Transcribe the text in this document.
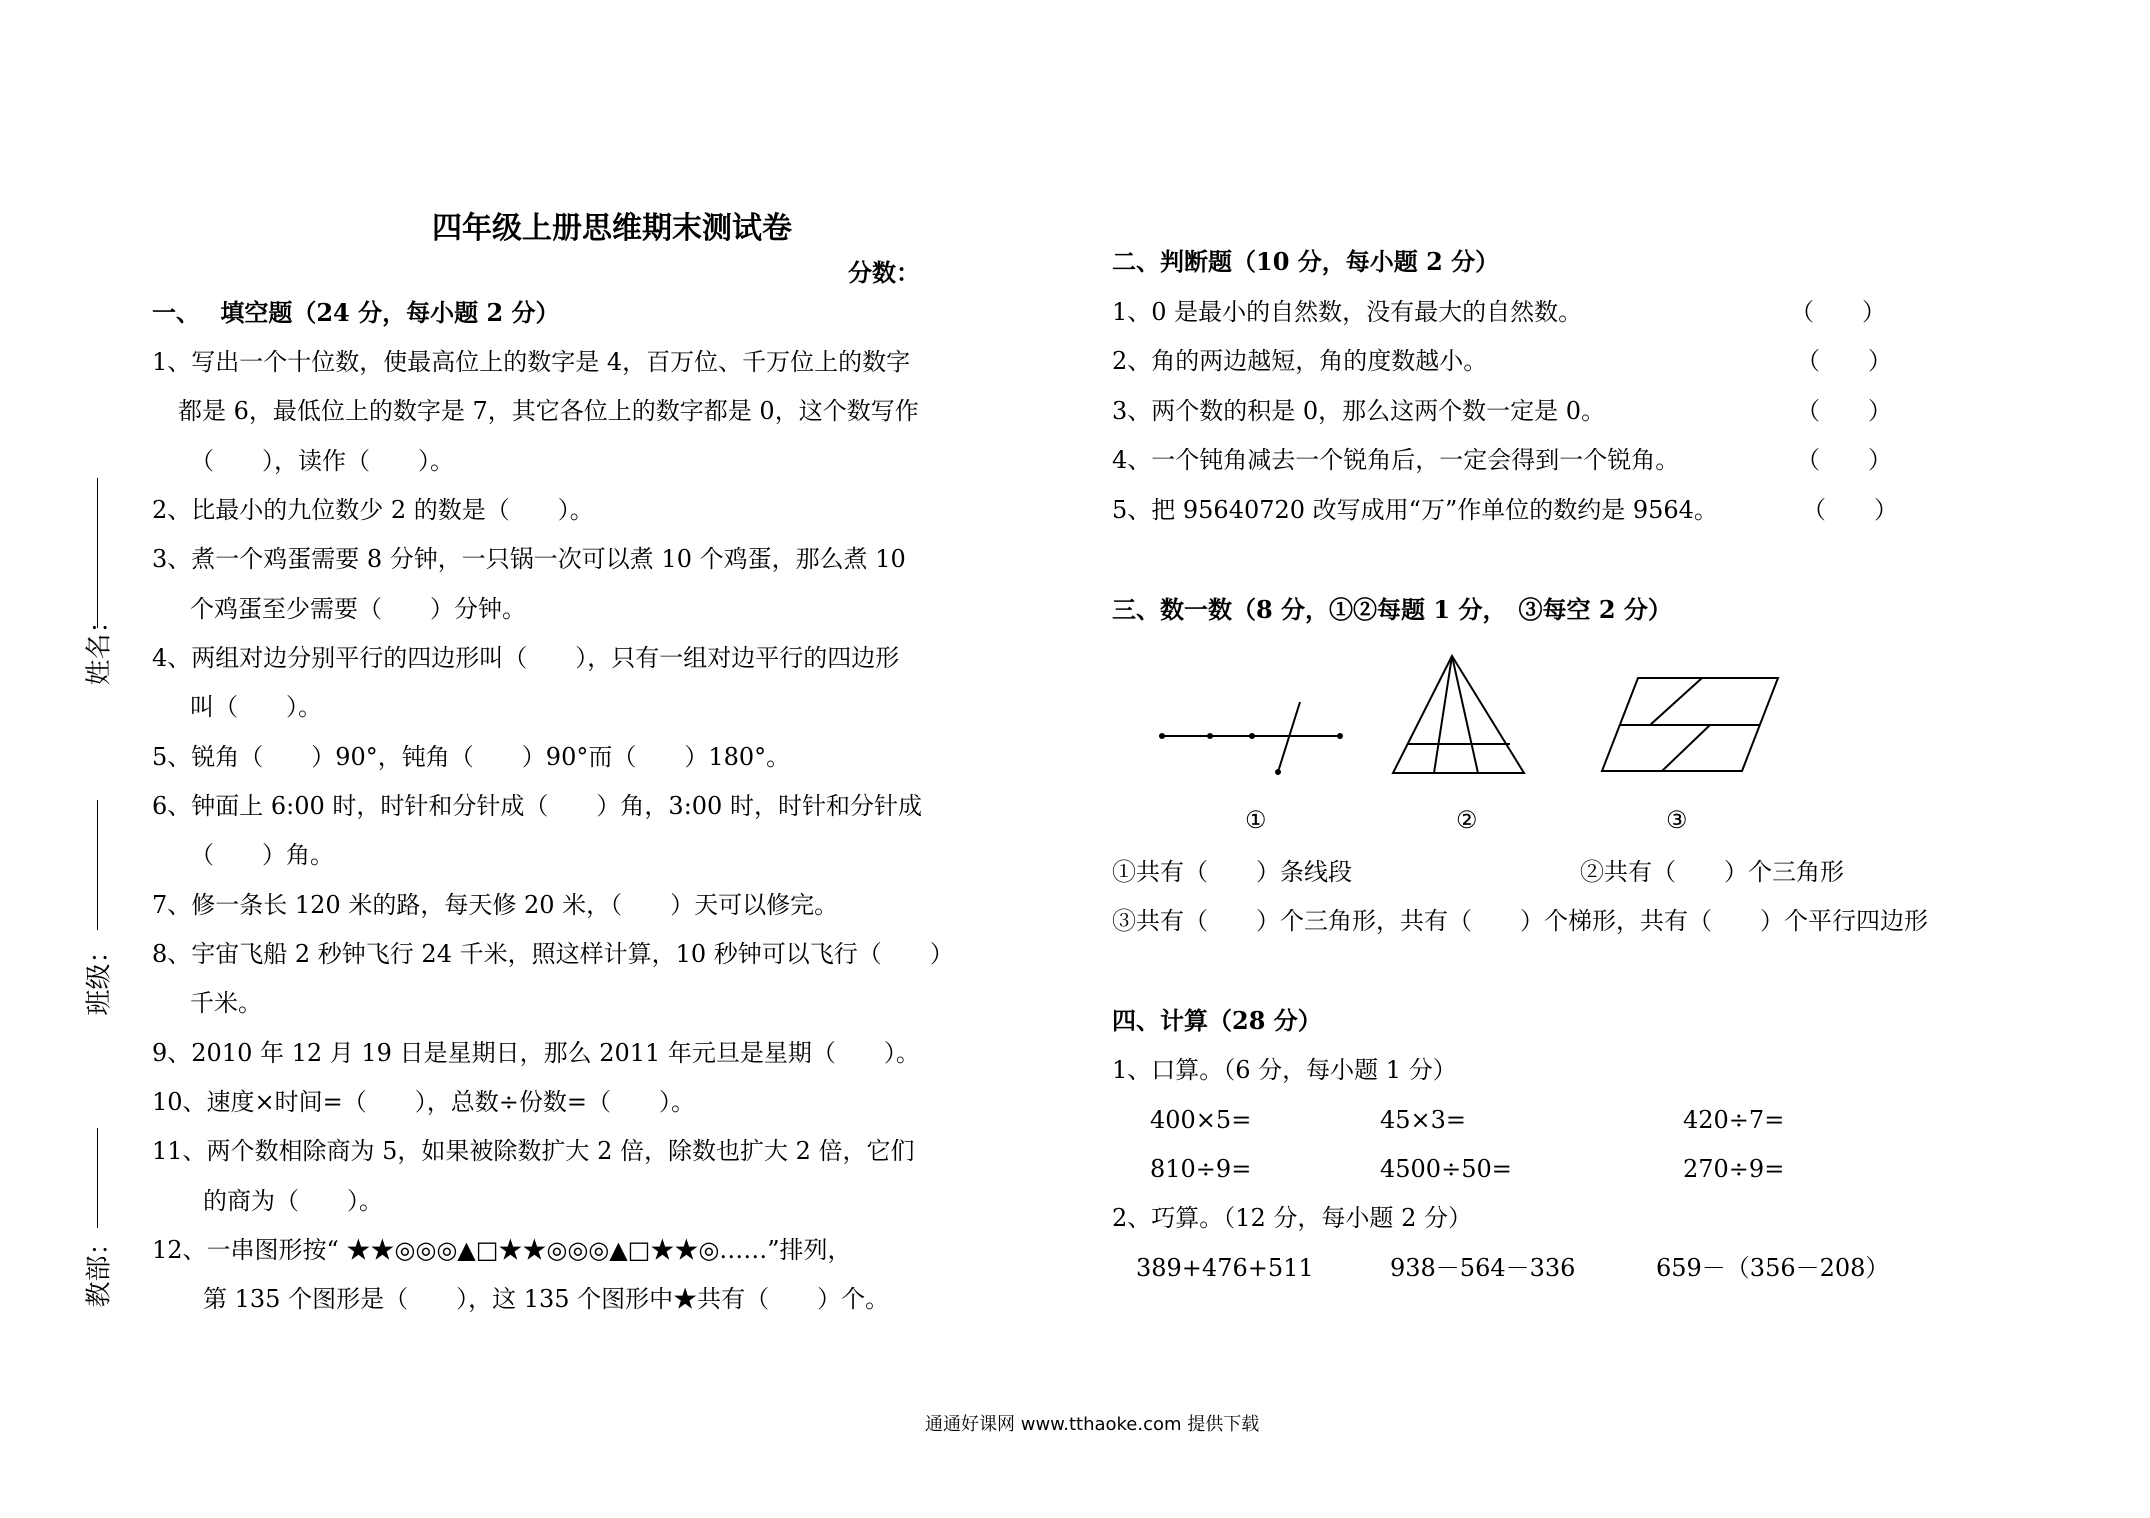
四年级上册思维期末测试卷
分数：
姓名：
班级：
教部：
一、　 填空题（24 分，每小题 2 分）
1、写出一个十位数，使最高位上的数字是 4，百万位、千万位上的数字
都是 6，最低位上的数字是 7，其它各位上的数字都是 0，这个数写作
（　　），读作（　　）。
2、比最小的九位数少 2 的数是（　　）。
3、煮一个鸡蛋需要 8 分钟，一只锅一次可以煮 10 个鸡蛋，那么煮 10
个鸡蛋至少需要（　　）分钟。
4、两组对边分别平行的四边形叫（　　），只有一组对边平行的四边形
叫（　　）。
5、锐角（　　）90°，钝角（　　）90°而（　　）180°。
6、钟面上 6:00 时，时针和分针成（　　）角，3:00 时，时针和分针成
（　　）角。
7、修一条长 120 米的路，每天修 20 米，（　　）天可以修完。
8、宇宙飞船 2 秒钟飞行 24 千米，照这样计算，10 秒钟可以飞行（　　）
千米。
9、2010 年 12 月 19 日是星期日，那么 2011 年元旦是星期（　　）。
10、速度×时间=（　　），总数÷份数=（　　）。
11、两个数相除商为 5，如果被除数扩大 2 倍，除数也扩大 2 倍，它们
的商为（　　）。
12、一串图形按“ ★★◎◎◎▲□★★◎◎◎▲□★★◎……”排列，
第 135 个图形是（　　），这 135 个图形中★共有（　　）个。
二、判断题（10 分，每小题 2 分）
1、0 是最小的自然数，没有最大的自然数。	（　　）
2、角的两边越短，角的度数越小。	（　　）
3、两个数的积是 0，那么这两个数一定是 0。	（　　）
4、一个钝角减去一个锐角后，一定会得到一个锐角。	（　　）
5、把 95640720 改写成用“万”作单位的数约是 9564。	（　　）
三、数一数（8 分，①②每题 1 分，　③每空 2 分）
①	②	③
①共有（　　）条线段	②共有（　　）个三角形
③共有（　　）个三角形，共有（　　）个梯形，共有（　　）个平行四边形
四、计算（28 分）
1、口算。（6 分，每小题 1 分）
400×5=	45×3=	420÷7=
810÷9=	4500÷50=	270÷9=
2、巧算。（12 分，每小题 2 分）
389+476+511	938－564－336	659－（356－208）
通通好课网 www.tthaoke.com 提供下载
